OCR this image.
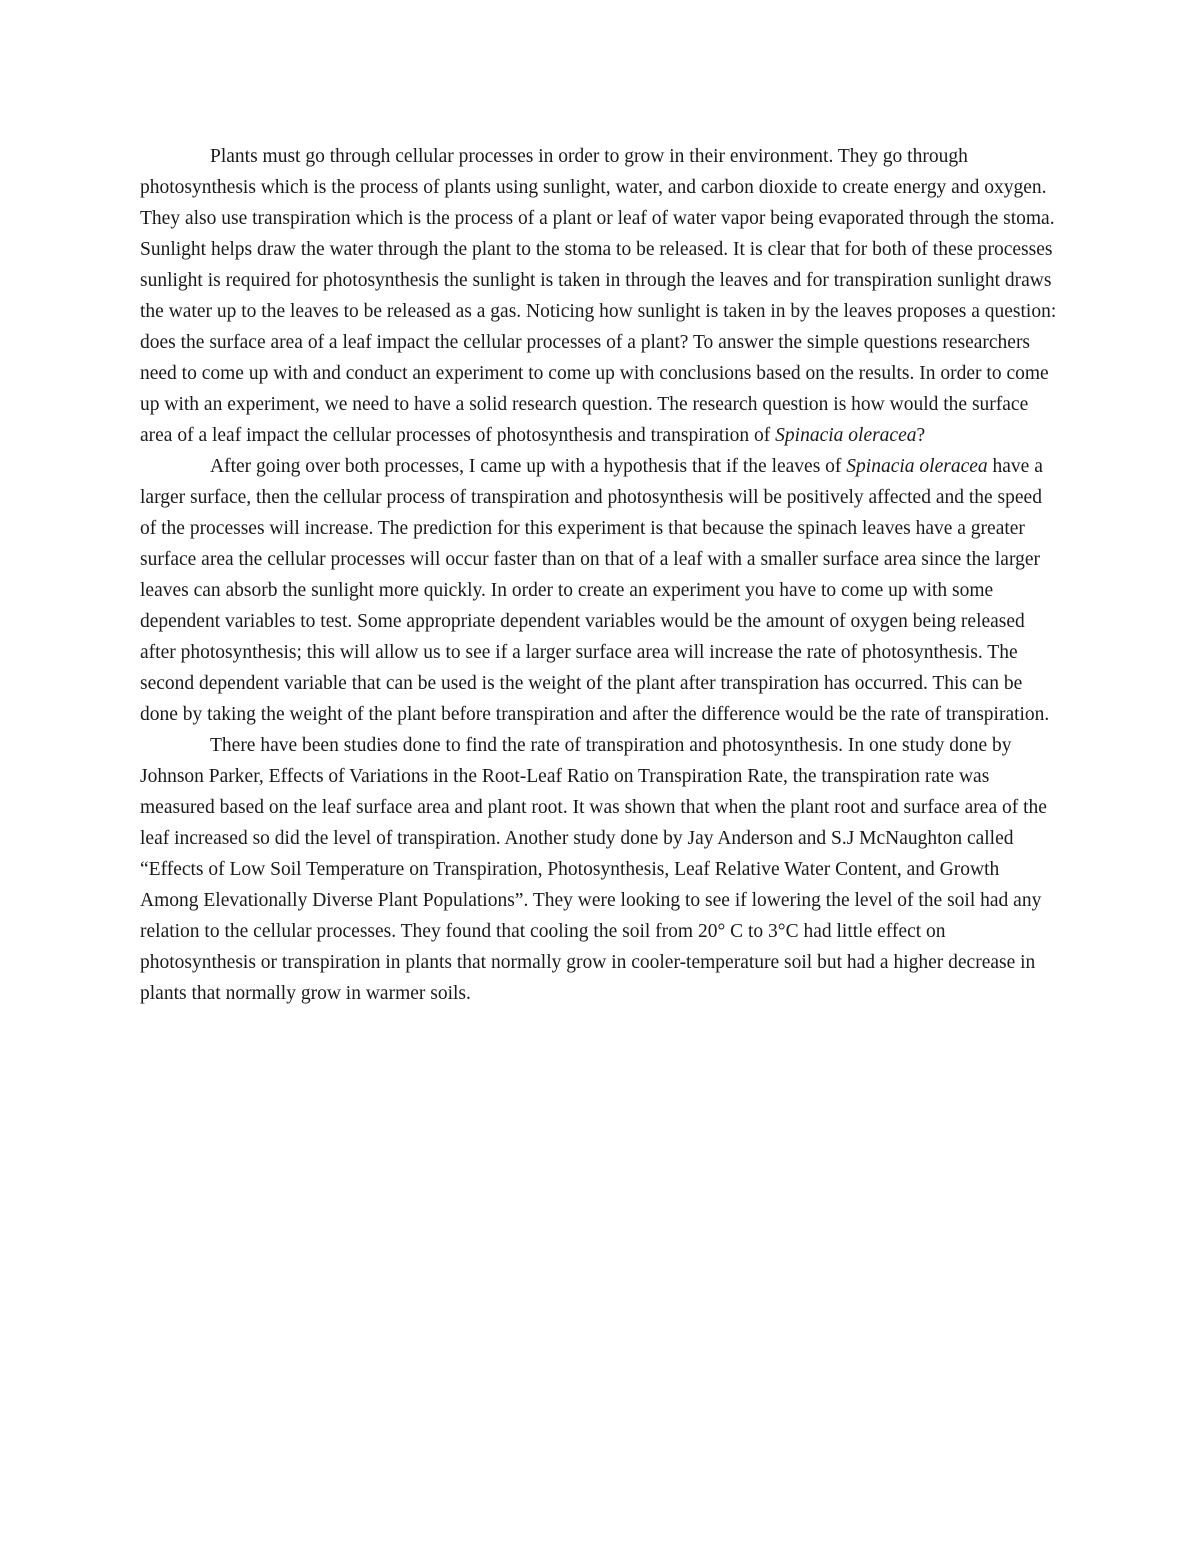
Plants must go through cellular processes in order to grow in their environment. They go through photosynthesis which is the process of plants using sunlight, water, and carbon dioxide to create energy and oxygen. They also use transpiration which is the process of a plant or leaf of water vapor being evaporated through the stoma. Sunlight helps draw the water through the plant to the stoma to be released. It is clear that for both of these processes sunlight is required for photosynthesis the sunlight is taken in through the leaves and for transpiration sunlight draws the water up to the leaves to be released as a gas. Noticing how sunlight is taken in by the leaves proposes a question: does the surface area of a leaf impact the cellular processes of a plant? To answer the simple questions researchers need to come up with and conduct an experiment to come up with conclusions based on the results. In order to come up with an experiment, we need to have a solid research question. The research question is how would the surface area of a leaf impact the cellular processes of photosynthesis and transpiration of Spinacia oleracea?

After going over both processes, I came up with a hypothesis that if the leaves of Spinacia oleracea have a larger surface, then the cellular process of transpiration and photosynthesis will be positively affected and the speed of the processes will increase. The prediction for this experiment is that because the spinach leaves have a greater surface area the cellular processes will occur faster than on that of a leaf with a smaller surface area since the larger leaves can absorb the sunlight more quickly. In order to create an experiment you have to come up with some dependent variables to test. Some appropriate dependent variables would be the amount of oxygen being released after photosynthesis; this will allow us to see if a larger surface area will increase the rate of photosynthesis. The second dependent variable that can be used is the weight of the plant after transpiration has occurred. This can be done by taking the weight of the plant before transpiration and after the difference would be the rate of transpiration.

There have been studies done to find the rate of transpiration and photosynthesis. In one study done by Johnson Parker, Effects of Variations in the Root-Leaf Ratio on Transpiration Rate, the transpiration rate was measured based on the leaf surface area and plant root. It was shown that when the plant root and surface area of the leaf increased so did the level of transpiration. Another study done by Jay Anderson and S.J McNaughton called “Effects of Low Soil Temperature on Transpiration, Photosynthesis, Leaf Relative Water Content, and Growth Among Elevationally Diverse Plant Populations”. They were looking to see if lowering the level of the soil had any relation to the cellular processes. They found that cooling the soil from 20° C to 3°C had little effect on photosynthesis or transpiration in plants that normally grow in cooler-temperature soil but had a higher decrease in plants that normally grow in warmer soils.
